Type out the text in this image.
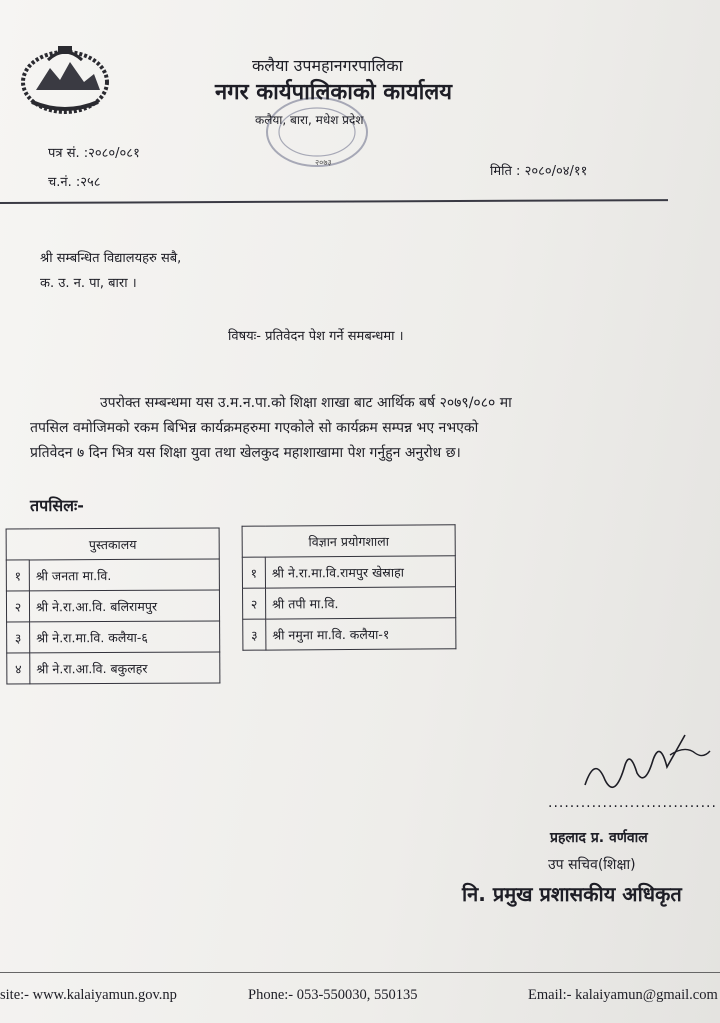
कलैया उपमहानगरपालिका
नगर कार्यपालिकाको कार्यालय
कलैया, बारा, मधेश प्रदेश
२०७३
पत्र सं. :२०८०/०८१
च.नं. :२५८
मिति : २०८०/०४/११
श्री सम्बन्धित विद्यालयहरु सबै,
क. उ. न. पा, बारा ।
विषयः- प्रतिवेदन पेश गर्ने समबन्धमा ।
उपरोक्त सम्बन्धमा यस उ.म.न.पा.को शिक्षा शाखा बाट आर्थिक बर्ष २०७९/०८० मा
तपसिल वमोजिमको रकम बिभिन्न कार्यक्रमहरुमा गएकोले सो कार्यक्रम सम्पन्न भए नभएको
प्रतिवेदन ७ दिन भित्र यस शिक्षा युवा तथा खेलकुद महाशाखामा पेश गर्नुहुन अनुरोध छ।
तपसिलः-
पुस्तकालय	
१	श्री जनता मा.वि.
२	श्री ने.रा.आ.वि. बलिरामपुर
३	श्री ने.रा.मा.वि. कलैया-६
४	श्री ने.रा.आ.वि. बकुलहर
विज्ञान प्रयोगशाला	
१	श्री ने.रा.मा.वि.रामपुर खेस्राहा
२	श्री तपी मा.वि.
३	श्री नमुना मा.वि. कलैया-१
...............................
प्रहलाद प्र. वर्णवाल
उप सचिव(शिक्षा)
नि. प्रमुख प्रशासकीय अधिकृत
site:- www.kalaiyamun.gov.np	Phone:- 053-550030, 550135	Email:- kalaiyamun@gmail.com
